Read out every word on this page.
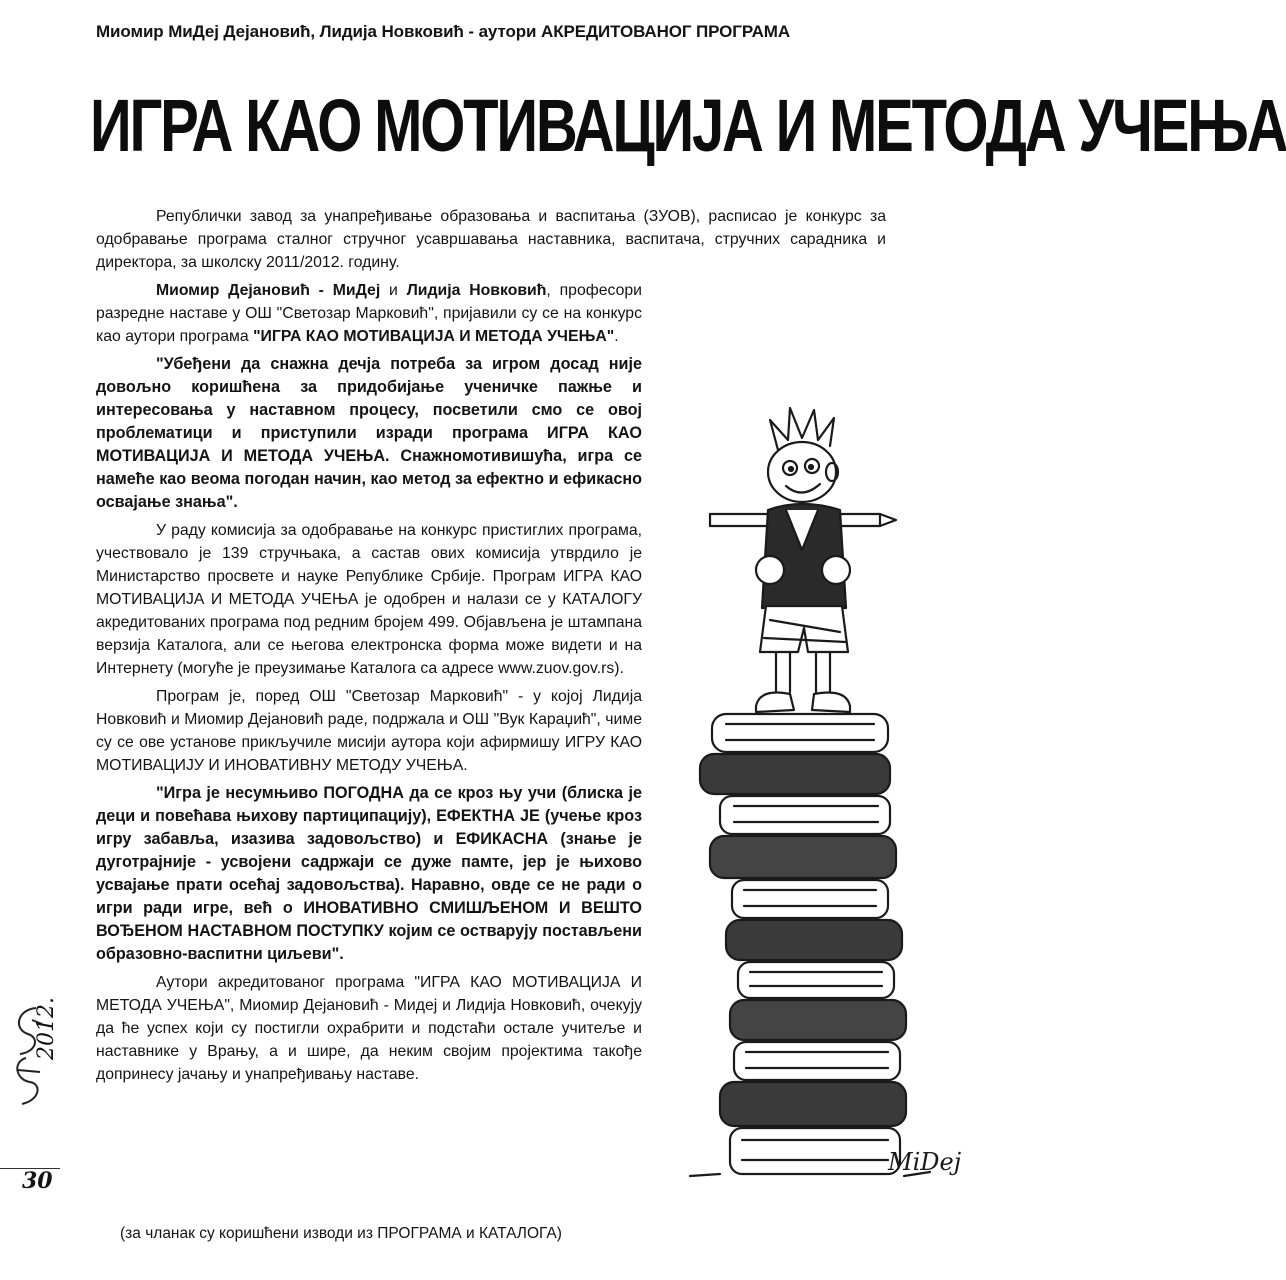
Миомир МиДеј Дејановић, Лидија Новковић - аутори АКРЕДИТОВАНОГ ПРОГРАМА
ИГРА КАО МОТИВАЦИЈА И МЕТОДА УЧЕЊА

Републички завод за унапређивање образовања и васпитања (ЗУОВ), расписао је конкурс за одобравање програма сталног стручног усавршавања наставника, васпитача, стручних сарадника и директора, за школску 2011/2012. годину.

Миомир Дејановић - МиДеј и Лидија Новковић, професори разредне наставе у ОШ "Светозар Марковић", пријавили су се на конкурс као аутори програма "ИГРА КАО МОТИВАЦИЈА И МЕТОДА УЧЕЊА".

"Убеђени да снажна дечја потреба за игром досад није довољно коришћена за придобијање ученичке пажње и интересовања у наставном процесу, посветили смо се овој проблематици и приступили изради програма ИГРА КАО МОТИВАЦИЈА И МЕТОДА УЧЕЊА. Снажномотивишућа, игра се намеће као веома погодан начин, као метод за ефектно и ефикасно освајање знања".

У раду комисија за одобравање на конкурс пристиглих програма, учествовало је 139 стручњака, а састав ових комисија утврдило је Министарство просвете и науке Републике Србије. Програм ИГРА КАО МОТИВАЦИЈА И МЕТОДА УЧЕЊА је одобрен и налази се у КАТАЛОГУ акредитованих програма под редним бројем 499. Објављена је штампана верзија Каталога, али се његова електронска форма може видети и на Интернету (могуће је преузимање Каталога са адресе www.zuov.gov.rs).

Програм је, поред ОШ "Светозар Марковић" - у којој Лидија Новковић и Миомир Дејановић раде, подржала и ОШ "Вук Караџић", чиме су се ове установе прикључиле мисији аутора који афирмишу ИГРУ КАО МОТИВАЦИЈУ И ИНОВАТИВНУ МЕТОДУ УЧЕЊА.

"Игра је несумњиво ПОГОДНА да се кроз њу учи (блиска је деци и повећава њихову партиципацију), ЕФЕКТНА ЈЕ (учење кроз игру забавља, изазива задовољство) и ЕФИКАСНА (знање је дуготрајније - усвојени садржаји се дуже памте, јер је њихово усвајање прати осећај задовољства). Наравно, овде се не ради о игри ради игре, већ о ИНОВАТИВНО СМИШЉЕНОМ И ВЕШТО ВОЂЕНОМ НАСТАВНОМ ПОСТУПКУ којим се остварују постављени образовно-васпитни циљеви".

Аутори акредитованог програма "ИГРА КАО МОТИВАЦИЈА И МЕТОДА УЧЕЊА", Миомир Дејановић - Мидеј и Лидија Новковић, очекују да ће успех који су постигли охрабрити и подстаћи остале учитеље и наставнике у Врању, а и шире, да неким својим пројектима такође допринесу јачању и унапређивању наставе.

(за чланак су коришћени изводи из ПРОГРАМА и КАТАЛОГА)
2012.
30
MiDej
